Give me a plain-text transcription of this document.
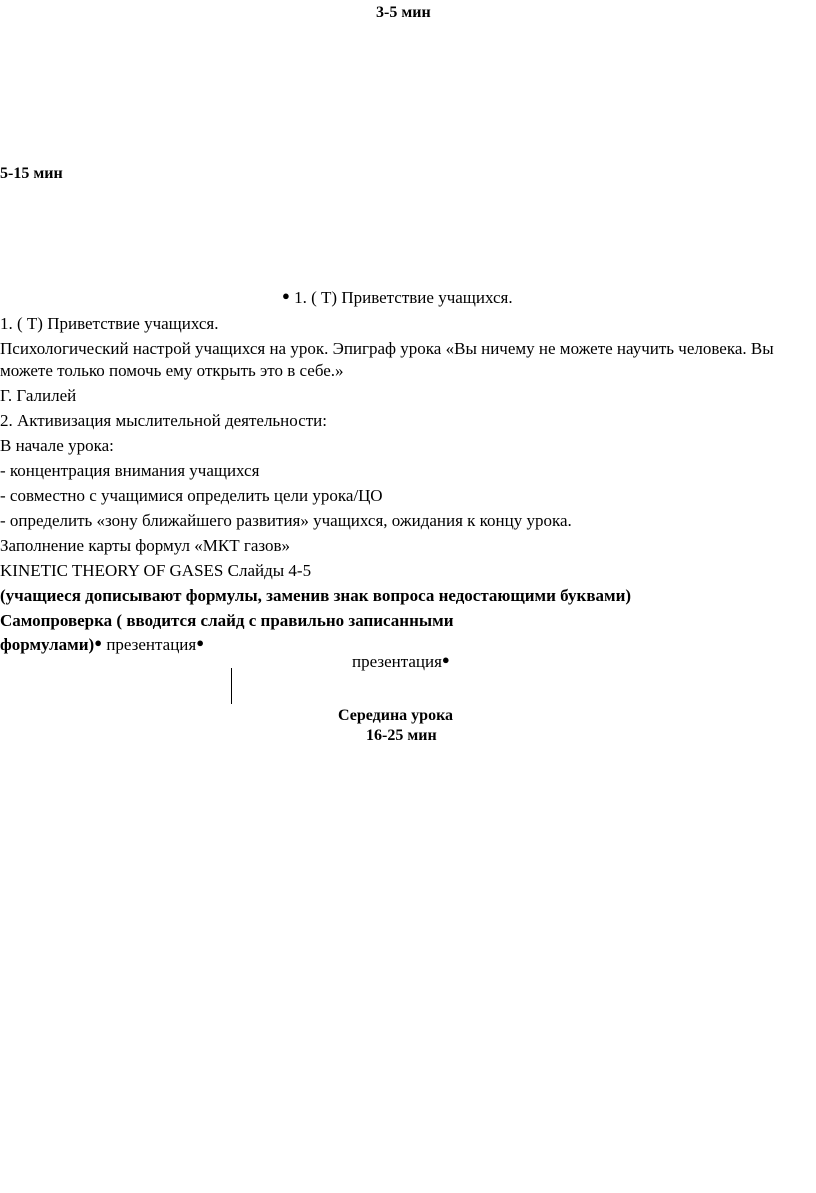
3-5 мин
5-15 мин
● 1. ( Т) Приветствие учащихся.

1. ( Т) Приветствие учащихся.

Психологический настрой учащихся на урок. Эпиграф урока «Вы ничему не можете научить человека. Вы можете только помочь ему открыть это в себе.»

Г. Галилей

2. Активизация мыслительной деятельности:

В начале урока:

- концентрация внимания учащихся

- совместно с учащимися определить цели урока/ЦО

- определить «зону ближайшего развития» учащихся, ожидания к концу урока.

Заполнение карты формул «МКТ газов»

KINETIC THEORY OF GASES Слайды 4-5

(учащиеся дописывают формулы, заменив знак вопроса недостающими буквами)

Самопроверка ( вводится слайд с правильно записанными

формулами)● презентация●

презентация●
Середина урока
16-25 мин
